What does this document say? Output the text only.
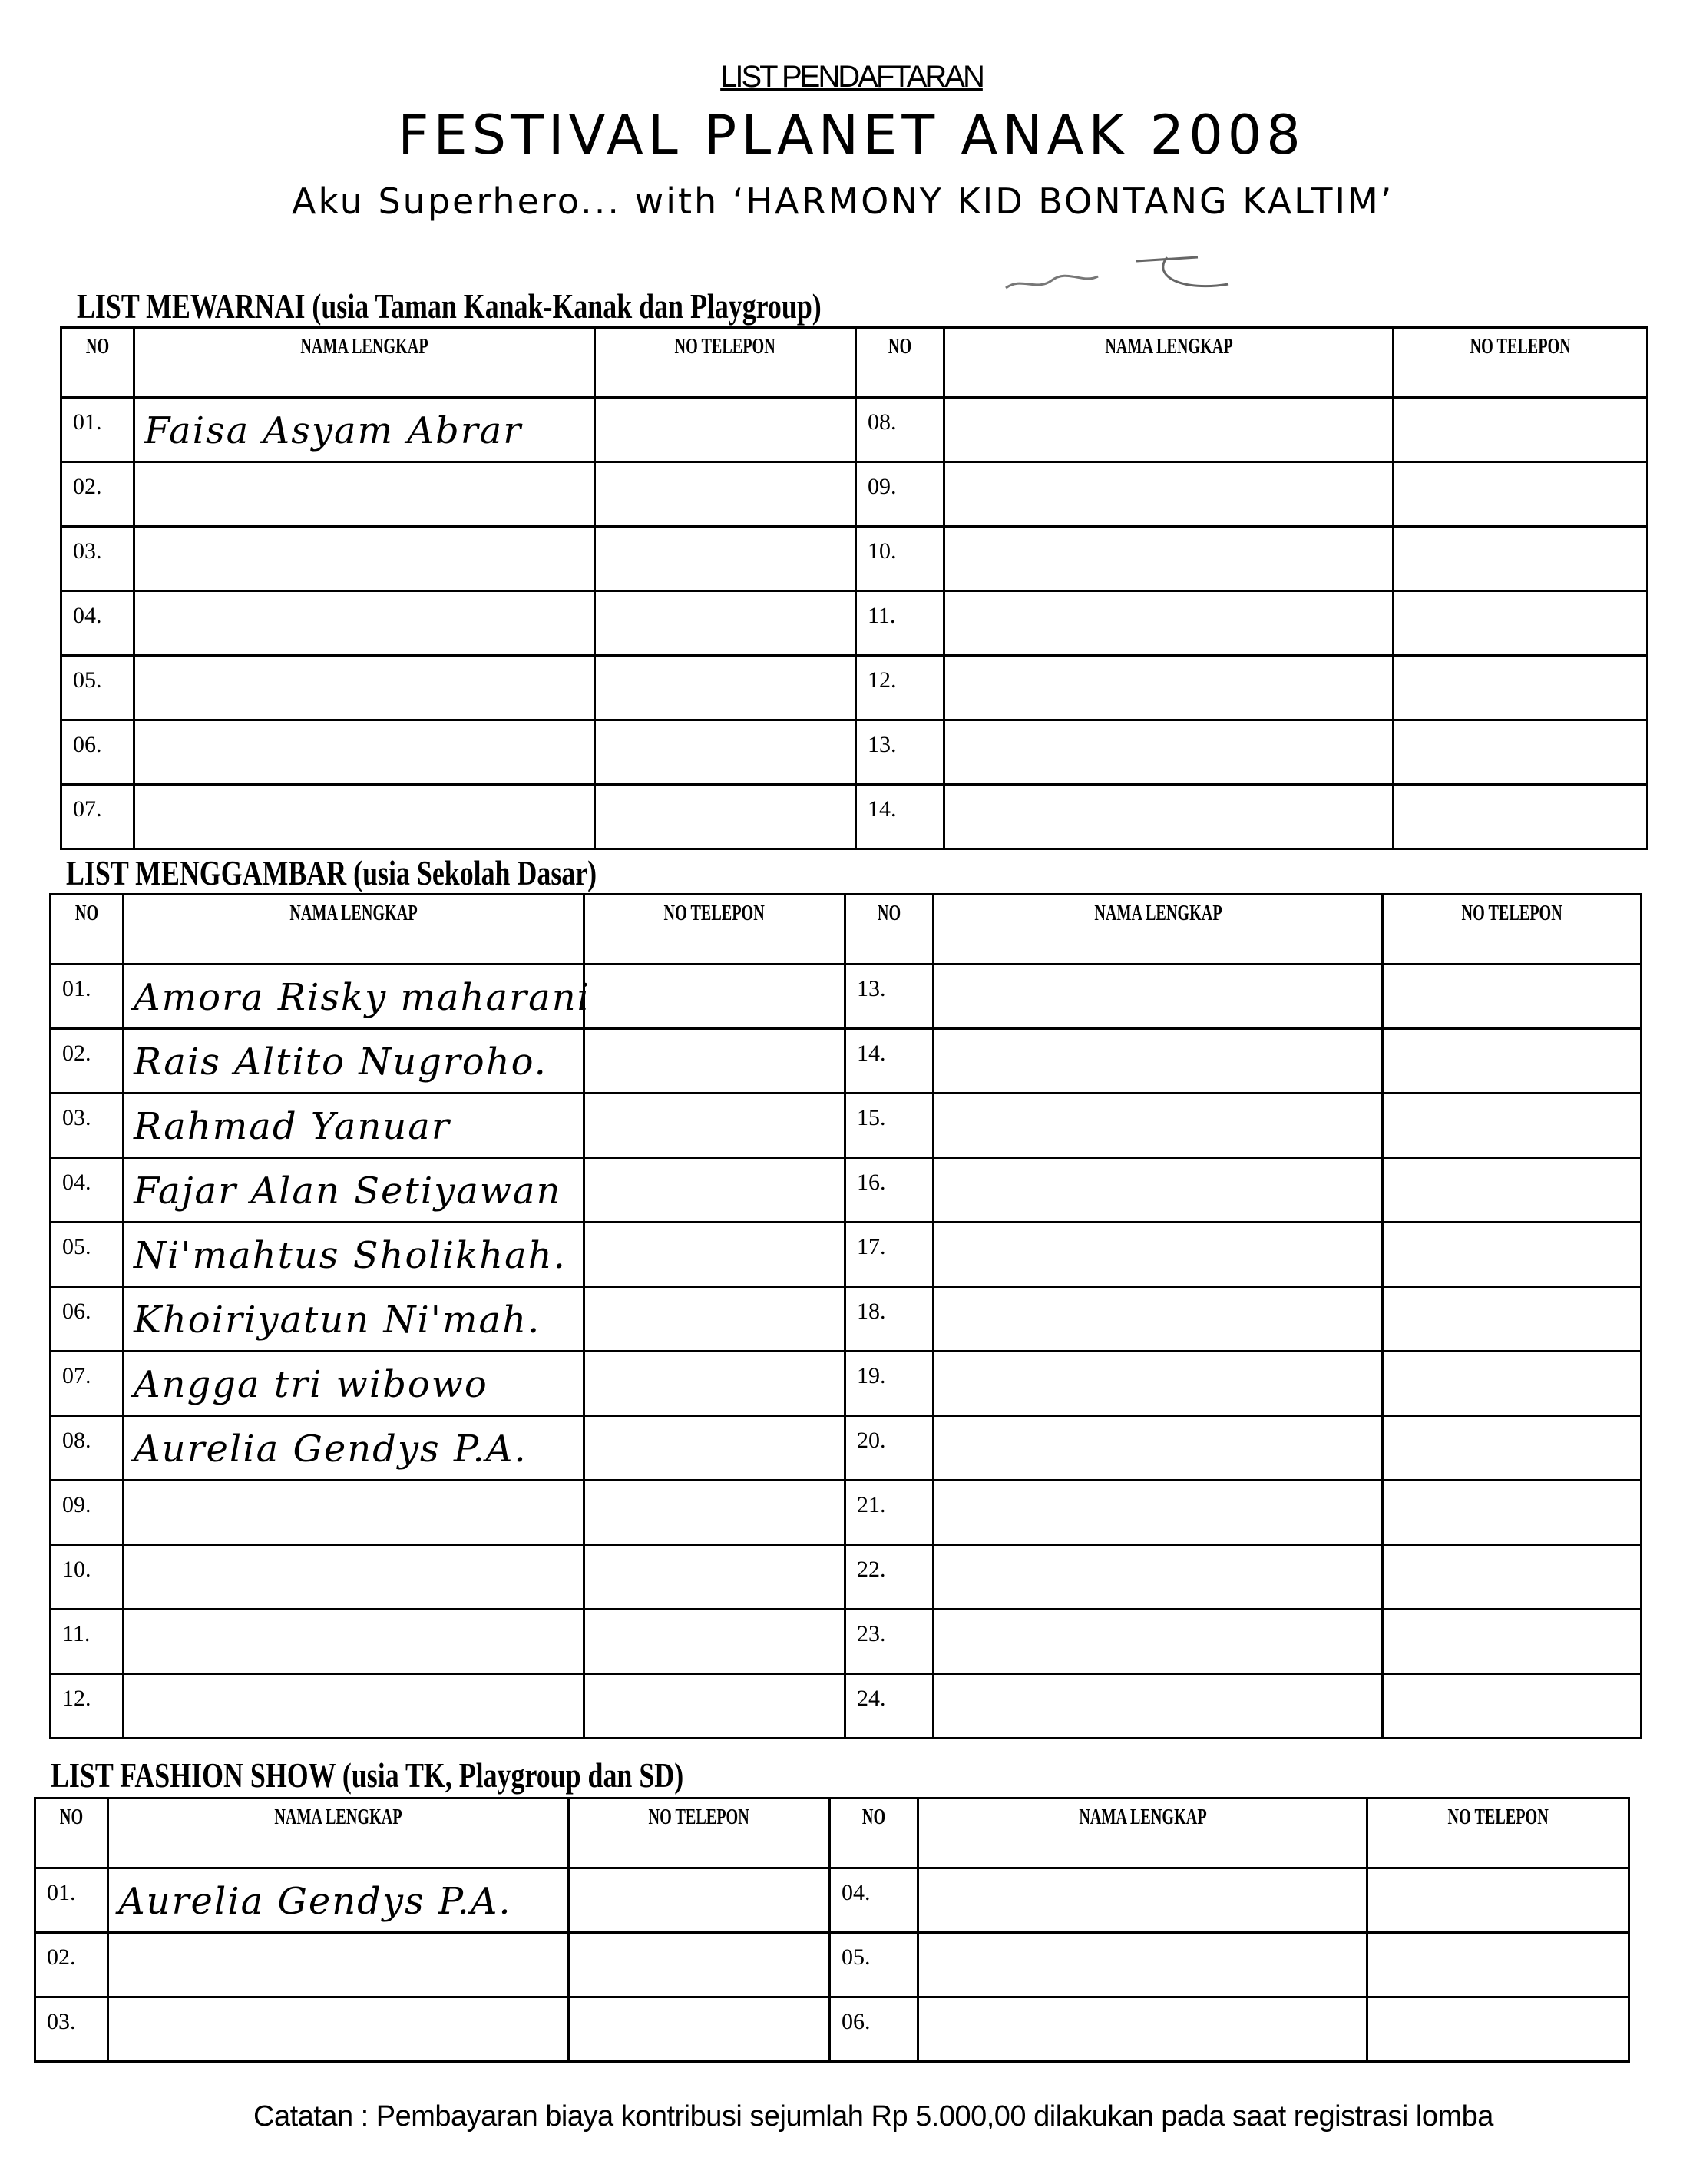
LIST PENDAFTARAN
FESTIVAL PLANET ANAK 2008
Aku Superhero... with ‘HARMONY KID BONTANG KALTIM’
LIST MEWARNAI (usia Taman Kanak-Kanak dan Playgroup)
NO	NAMA LENGKAP	NO TELEPON	NO	NAMA LENGKAP	NO TELEPON
01.	Faisa Asyam Abrar		08.		
02.			09.		
03.			10.		
04.			11.		
05.			12.		
06.			13.		
07.			14.		
LIST MENGGAMBAR (usia Sekolah Dasar)
NO	NAMA LENGKAP	NO TELEPON	NO	NAMA LENGKAP	NO TELEPON
01.	Amora Risky maharani		13.		
02.	Rais Altito Nugroho.		14.		
03.	Rahmad Yanuar		15.		
04.	Fajar Alan Setiyawan		16.		
05.	Ni'mahtus Sholikhah.		17.		
06.	Khoiriyatun Ni'mah.		18.		
07.	Angga tri wibowo		19.		
08.	Aurelia Gendys P.A.		20.		
09.			21.		
10.			22.		
11.			23.		
12.			24.		
LIST FASHION SHOW (usia TK, Playgroup dan SD)
NO	NAMA LENGKAP	NO TELEPON	NO	NAMA LENGKAP	NO TELEPON
01.	Aurelia Gendys P.A.		04.		
02.			05.		
03.			06.		
Catatan : Pembayaran biaya kontribusi sejumlah Rp 5.000,00 dilakukan pada saat registrasi lomba
